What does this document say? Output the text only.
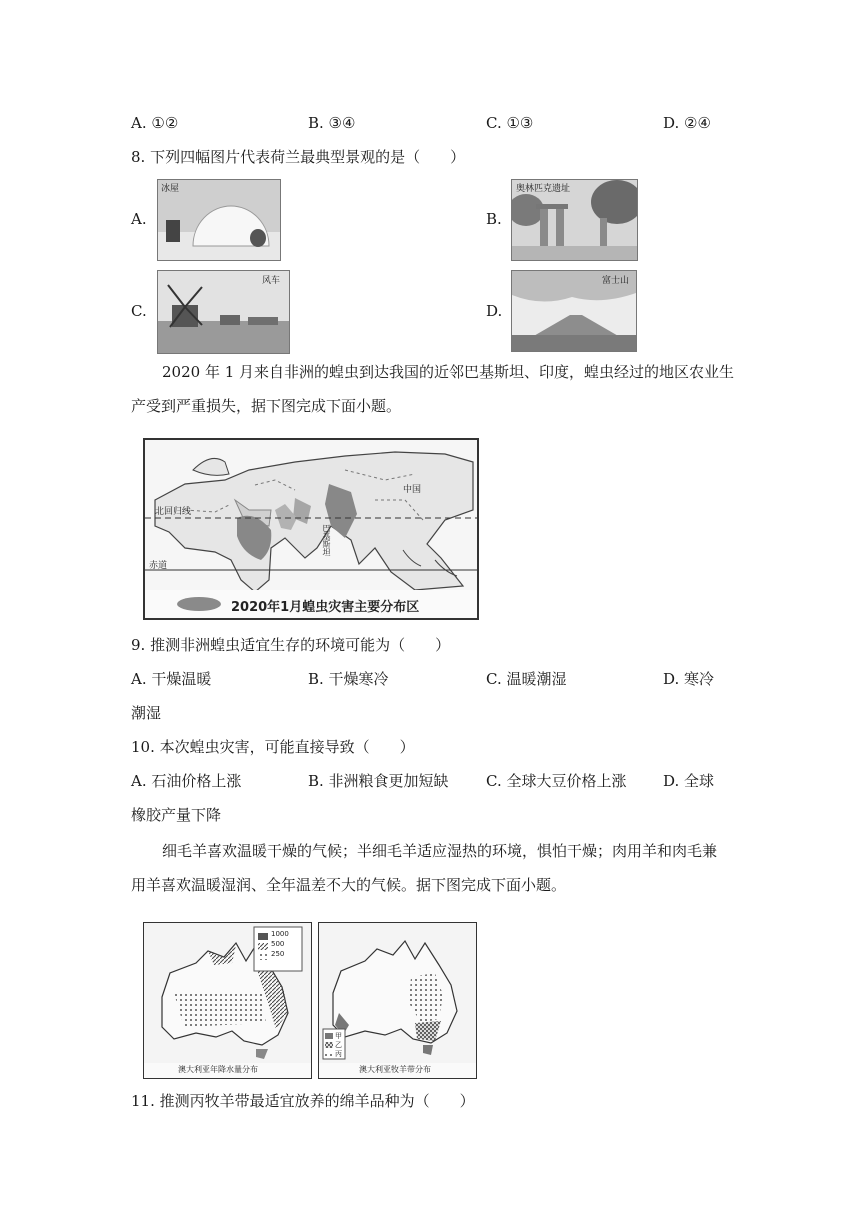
A. ①②	B. ③④	C. ①③	D. ②④
8. 下列四幅图片代表荷兰最典型景观的是（　　）
A.
冰屋
B.
奥林匹克遗址
C.
风车
D.
富士山
2020 年 1 月来自非洲的蝗虫到达我国的近邻巴基斯坦、印度，蝗虫经过的地区农业生
产受到严重损失，据下图完成下面小题。
中国
北回归线
赤道
巴基斯坦
2020年1月蝗虫灾害主要分布区
9. 推测非洲蝗虫适宜生存的环境可能为（　　）
A. 干燥温暖	B. 干燥寒冷	C. 温暖潮湿	D. 寒冷
潮湿
10. 本次蝗虫灾害，可能直接导致（　　）
A. 石油价格上涨	B. 非洲粮食更加短缺 C. 全球大豆价格上涨 D. 全球
橡胶产量下降
细毛羊喜欢温暖干燥的气候；半细毛羊适应湿热的环境，惧怕干燥；肉用羊和肉毛兼
用羊喜欢温暖湿润、全年温差不大的气候。据下图完成下面小题。
1000
500
250
澳大利亚年降水量分布
甲
乙
丙
澳大利亚牧羊带分布
11. 推测丙牧羊带最适宜放养的绵羊品种为（　　）
